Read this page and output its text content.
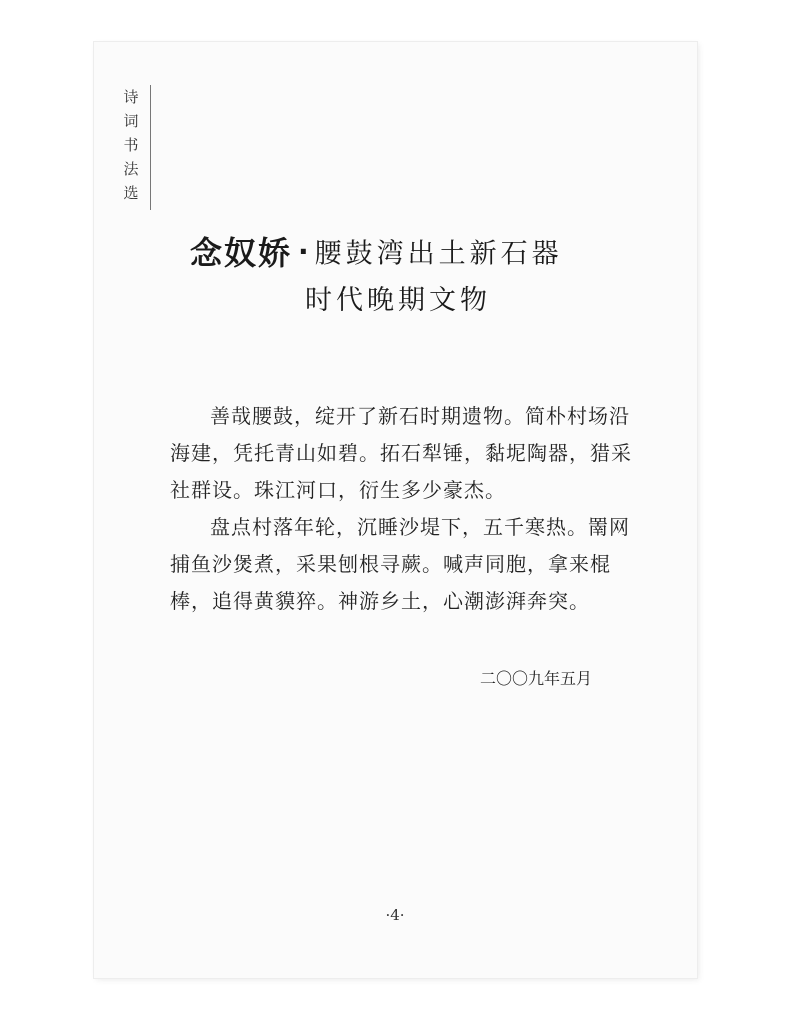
诗
词
书
法
选
念奴娇 · 腰鼓湾出土新石器
时代晚期文物

善哉腰鼓，绽开了新石时期遗物。简朴村场沿海建，凭托青山如碧。拓石犁锤，黏坭陶器，猎采社群设。珠江河口，衍生多少豪杰。

盘点村落年轮，沉睡沙堤下，五千寒热。罱网捕鱼沙煲煮，采果刨根寻蕨。喊声同胞，拿来棍棒，追得黄貘猝。神游乡土，心潮澎湃奔突。

二〇〇九年五月
·4·
